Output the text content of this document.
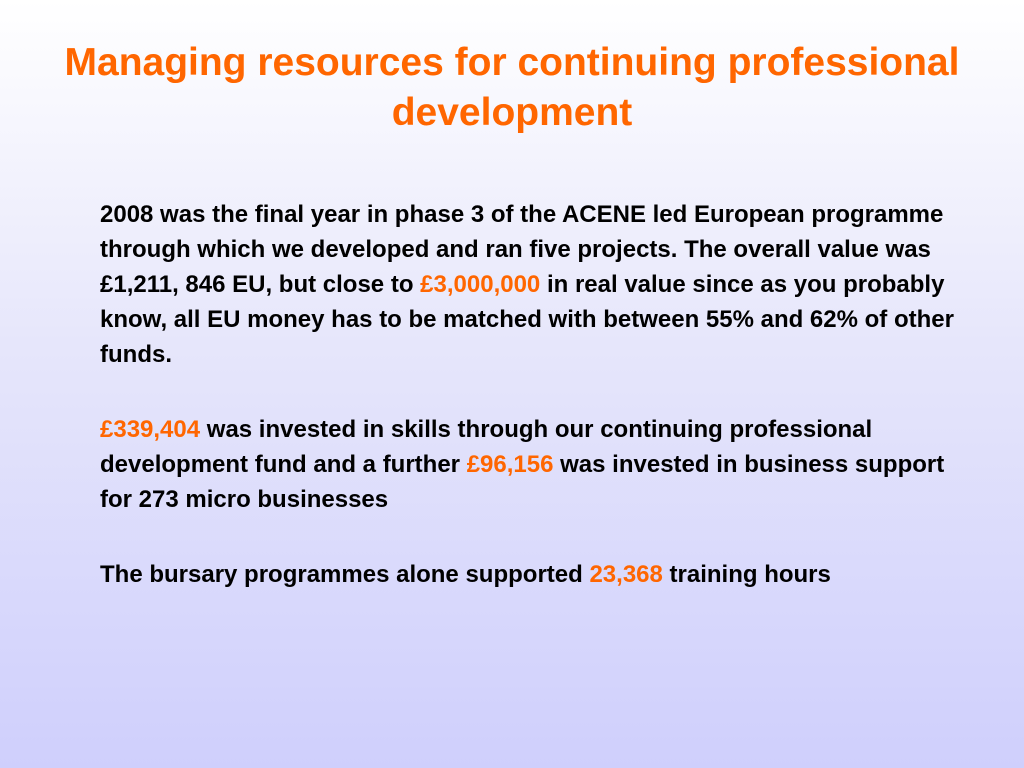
Managing resources for continuing professional development

2008 was the final year in phase 3 of the ACENE led European programme through which we developed and ran five projects. The overall value was £1,211, 846 EU, but close to £3,000,000 in real value since as you probably know, all EU money has to be matched with between 55% and 62% of other funds.

£339,404 was invested in skills through our continuing professional development fund and a further £96,156 was invested in business support for 273 micro businesses

The bursary programmes alone supported 23,368 training hours
